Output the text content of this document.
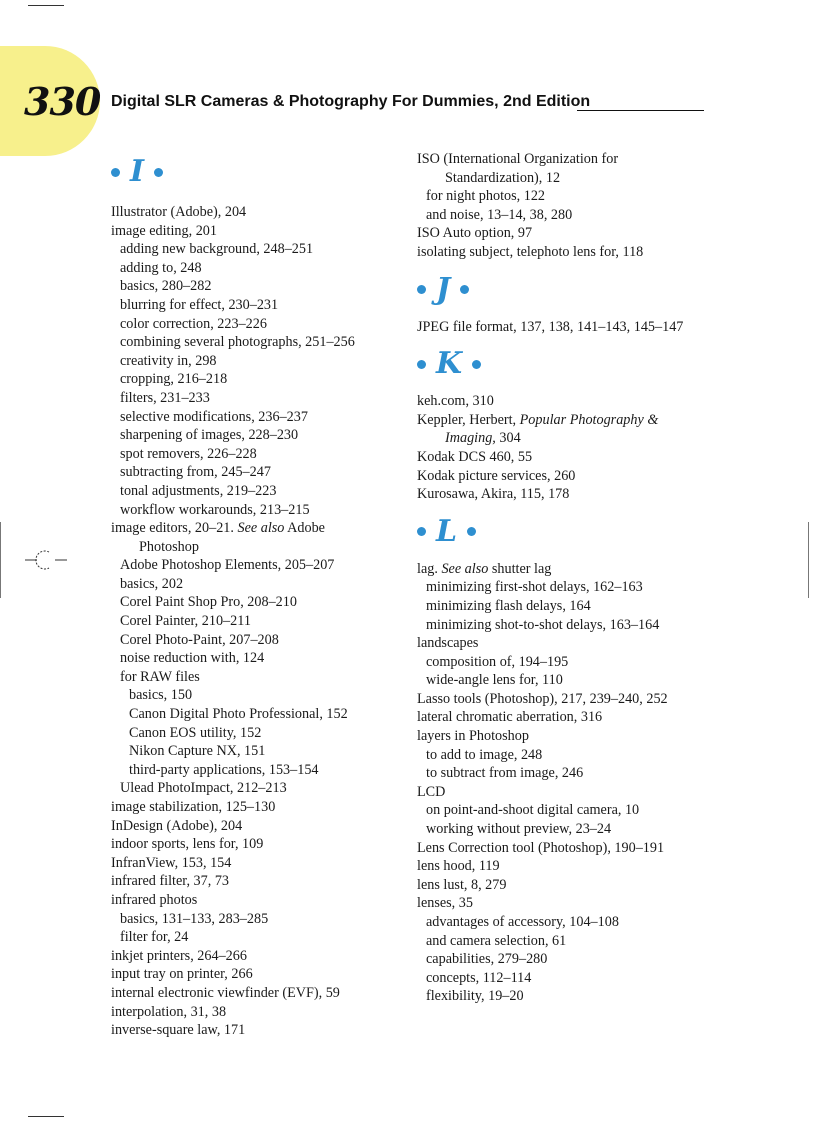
330 Digital SLR Cameras & Photography For Dummies, 2nd Edition
I
Illustrator (Adobe), 204
image editing, 201
adding new background, 248–251
adding to, 248
basics, 280–282
blurring for effect, 230–231
color correction, 223–226
combining several photographs, 251–256
creativity in, 298
cropping, 216–218
filters, 231–233
selective modifications, 236–237
sharpening of images, 228–230
spot removers, 226–228
subtracting from, 245–247
tonal adjustments, 219–223
workflow workarounds, 213–215
image editors, 20–21. See also Adobe
Photoshop
Adobe Photoshop Elements, 205–207
basics, 202
Corel Paint Shop Pro, 208–210
Corel Painter, 210–211
Corel Photo-Paint, 207–208
noise reduction with, 124
for RAW files
basics, 150
Canon Digital Photo Professional, 152
Canon EOS utility, 152
Nikon Capture NX, 151
third-party applications, 153–154
Ulead PhotoImpact, 212–213
image stabilization, 125–130
InDesign (Adobe), 204
indoor sports, lens for, 109
InfranView, 153, 154
infrared filter, 37, 73
infrared photos
basics, 131–133, 283–285
filter for, 24
inkjet printers, 264–266
input tray on printer, 266
internal electronic viewfinder (EVF), 59
interpolation, 31, 38
inverse-square law, 171
ISO (International Organization for
Standardization), 12
for night photos, 122
and noise, 13–14, 38, 280
ISO Auto option, 97
isolating subject, telephoto lens for, 118
J
JPEG file format, 137, 138, 141–143, 145–147
K
keh.com, 310
Keppler, Herbert, Popular Photography &
Imaging, 304
Kodak DCS 460, 55
Kodak picture services, 260
Kurosawa, Akira, 115, 178
L
lag. See also shutter lag
minimizing first-shot delays, 162–163
minimizing flash delays, 164
minimizing shot-to-shot delays, 163–164
landscapes
composition of, 194–195
wide-angle lens for, 110
Lasso tools (Photoshop), 217, 239–240, 252
lateral chromatic aberration, 316
layers in Photoshop
to add to image, 248
to subtract from image, 246
LCD
on point-and-shoot digital camera, 10
working without preview, 23–24
Lens Correction tool (Photoshop), 190–191
lens hood, 119
lens lust, 8, 279
lenses, 35
advantages of accessory, 104–108
and camera selection, 61
capabilities, 279–280
concepts, 112–114
flexibility, 19–20
